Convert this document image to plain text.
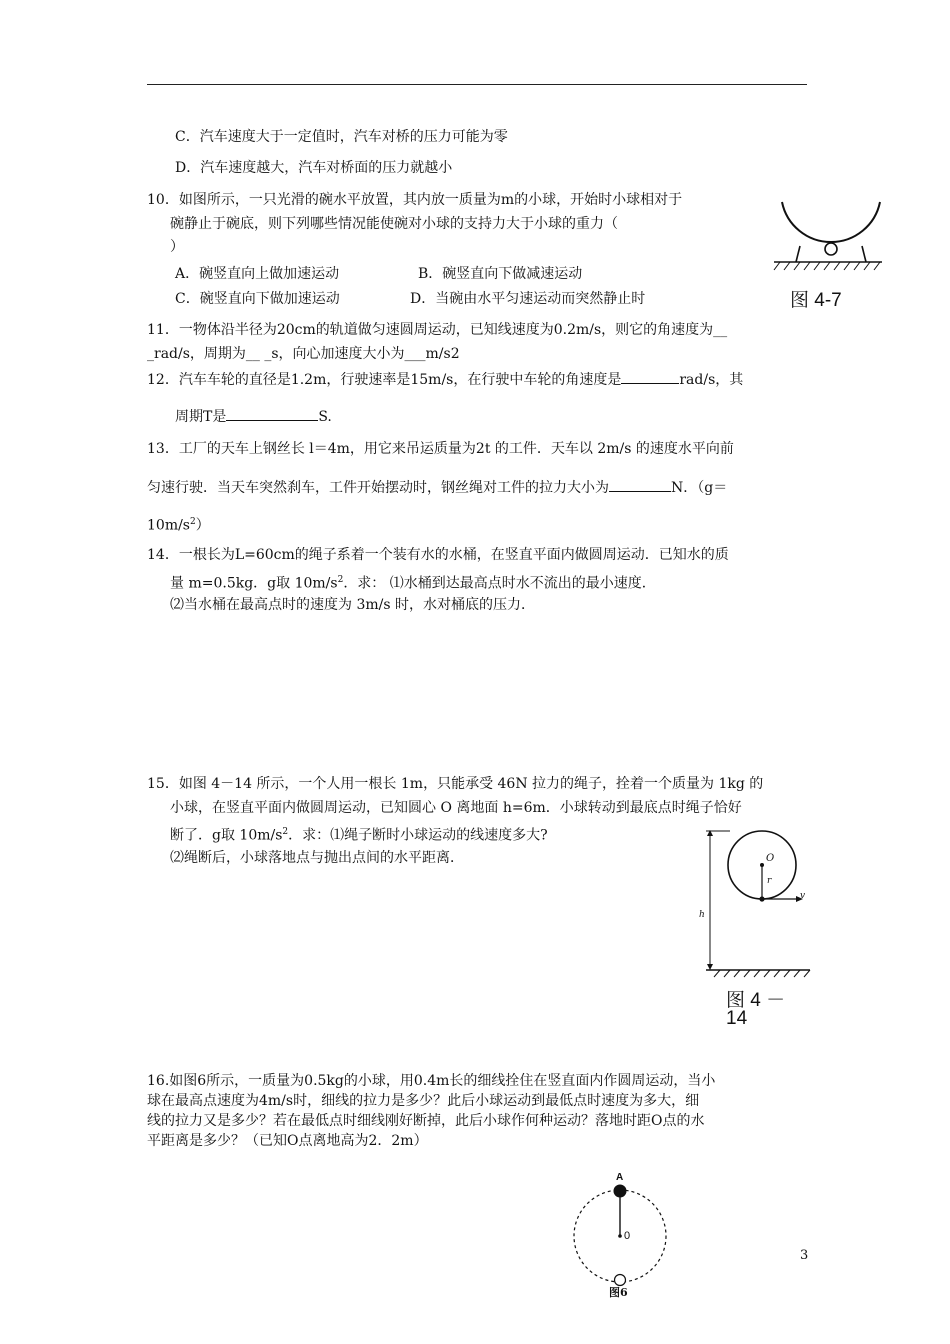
C．汽车速度大于一定值时，汽车对桥的压力可能为零
D．汽车速度越大，汽车对桥面的压力就越小
10．如图所示，一只光滑的碗水平放置，其内放一质量为m的小球，开始时小球相对于
碗静止于碗底，则下列哪些情况能使碗对小球的支持力大于小球的重力（
）
A．碗竖直向上做加速运动	B．碗竖直向下做减速运动
C．碗竖直向下做加速运动	D．当碗由水平匀速运动而突然静止时	图 4-7
11．一物体沿半径为20cm的轨道做匀速圆周运动，已知线速度为0.2m/s，则它的角速度为__
_rad/s，周期为__ _s，向心加速度大小为___m/s2
12．汽车车轮的直径是1.2m，行驶速率是15m/s，在行驶中车轮的角速度是	rad/s，其
周期T是	S.
13．工厂的天车上钢丝长 l＝4m，用它来吊运质量为2t 的工件．天车以 2m/s 的速度水平向前
匀速行驶．当天车突然刹车，工件开始摆动时，钢丝绳对工件的拉力大小为	N．（g＝
$10m/s^2$）
14．一根长为L=60cm的绳子系着一个装有水的水桶，在竖直平面内做圆周运动．已知水的质
量 m=0.5kg．g取 $10m/s^2$．求： ⑴水桶到达最高点时水不流出的最小速度．
⑵当水桶在最高点时的速度为 3m/s 时，水对桶底的压力．
15．如图 4－14 所示，一个人用一根长 1m，只能承受 46N 拉力的绳子，拴着一个质量为 1kg 的
小球，在竖直平面内做圆周运动，已知圆心 O 离地面 h=6m．小球转动到最底点时绳子恰好
断了．g取 $10m/s^2$．求：⑴绳子断时小球运动的线速度多大?
⑵绳断后，小球落地点与抛出点间的水平距离．	O
r
v
h
图 4 －
14
16.如图6所示，一质量为0.5kg的小球，用0.4m长的细线拴住在竖直面内作圆周运动，当小
球在最高点速度为4m/s时，细线的拉力是多少？此后小球运动到最低点时速度为多大，细
线的拉力又是多少？若在最低点时细线刚好断掉，此后小球作何种运动？落地时距O点的水
平距离是多少？（已知O点离地高为2．2m）
A
0
图6
3
